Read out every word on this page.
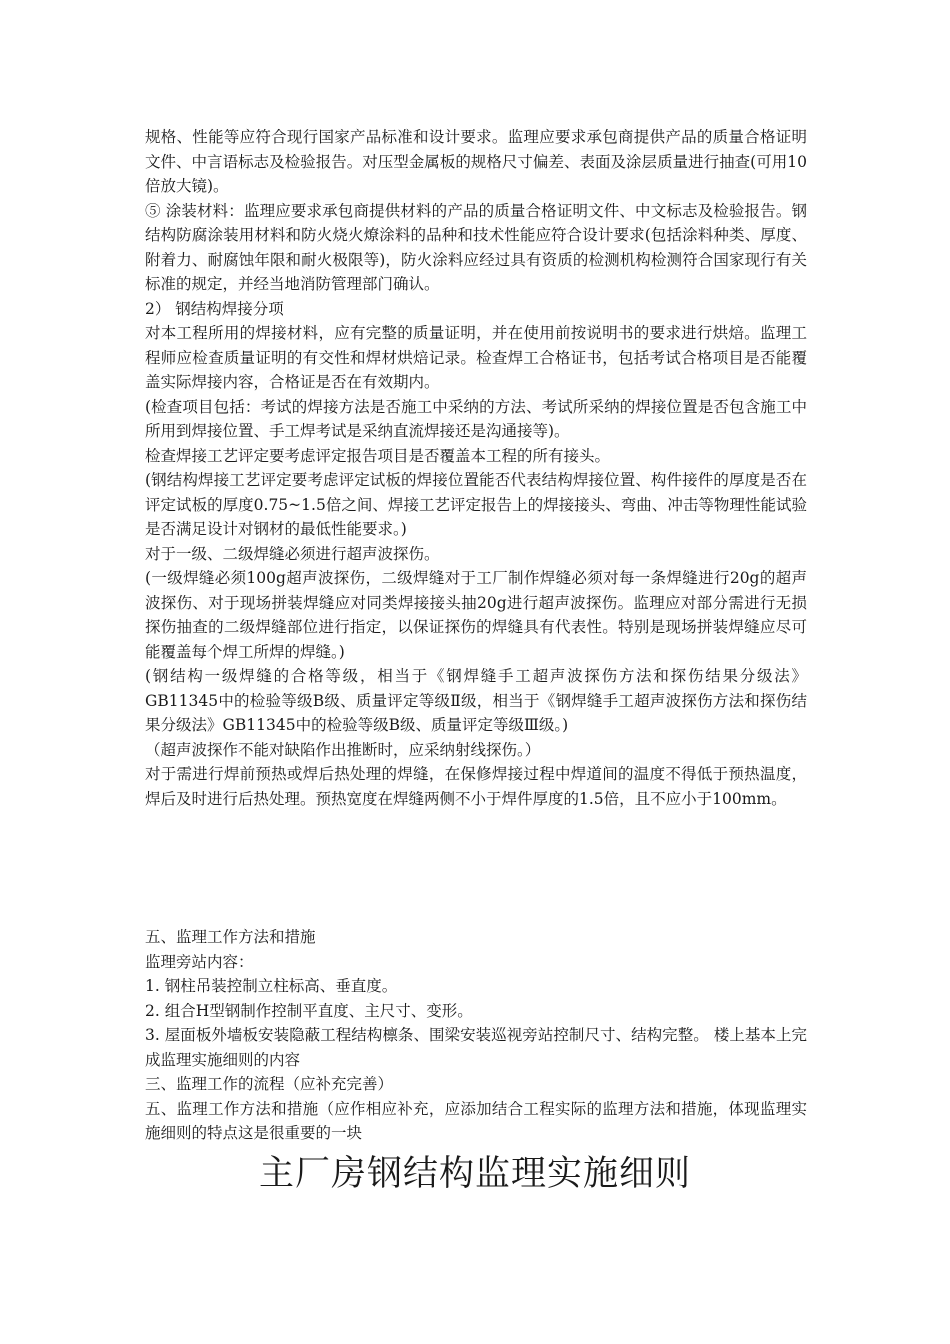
规格、性能等应符合现行国家产品标准和设计要求。监理应要求承包商提供产品的质量合格证明文件、中言语标志及检验报告。对压型金属板的规格尺寸偏差、表面及涂层质量进行抽查(可用10倍放大镜)。

⑤ 涂装材料：监理应要求承包商提供材料的产品的质量合格证明文件、中文标志及检验报告。钢结构防腐涂装用材料和防火烧火燎涂料的品种和技术性能应符合设计要求(包括涂料种类、厚度、附着力、耐腐蚀年限和耐火极限等)，防火涂料应经过具有资质的检测机构检测符合国家现行有关标准的规定，并经当地消防管理部门确认。

2） 钢结构焊接分项

对本工程所用的焊接材料，应有完整的质量证明，并在使用前按说明书的要求进行烘焙。监理工程师应检查质量证明的有交性和焊材烘焙记录。检查焊工合格证书，包括考试合格项目是否能覆盖实际焊接内容，合格证是否在有效期内。

(检查项目包括：考试的焊接方法是否施工中采纳的方法、考试所采纳的焊接位置是否包含施工中所用到焊接位置、手工焊考试是采纳直流焊接还是沟通接等)。

检查焊接工艺评定要考虑评定报告项目是否覆盖本工程的所有接头。

(钢结构焊接工艺评定要考虑评定试板的焊接位置能否代表结构焊接位置、构件接件的厚度是否在评定试板的厚度0.75~1.5倍之间、焊接工艺评定报告上的焊接接头、弯曲、冲击等物理性能试验是否满足设计对钢材的最低性能要求。)

对于一级、二级焊缝必须进行超声波探伤。

(一级焊缝必须100g超声波探伤，二级焊缝对于工厂制作焊缝必须对每一条焊缝进行20g的超声波探伤、对于现场拼装焊缝应对同类焊接接头抽20g进行超声波探伤。监理应对部分需进行无损探伤抽查的二级焊缝部位进行指定，以保证探伤的焊缝具有代表性。特别是现场拼装焊缝应尽可能覆盖每个焊工所焊的焊缝。)

(钢结构一级焊缝的合格等级，相当于《钢焊缝手工超声波探伤方法和探伤结果分级法》GB11345中的检验等级B级、质量评定等级Ⅱ级，相当于《钢焊缝手工超声波探伤方法和探伤结果分级法》GB11345中的检验等级B级、质量评定等级Ⅲ级。)

（超声波探作不能对缺陷作出推断时，应采纳射线探伤。）

对于需进行焊前预热或焊后热处理的焊缝，在保修焊接过程中焊道间的温度不得低于预热温度，焊后及时进行后热处理。预热宽度在焊缝两侧不小于焊件厚度的1.5倍，且不应小于100mm。

五、监理工作方法和措施

监理旁站内容：

1. 钢柱吊装控制立柱标高、垂直度。

2. 组合H型钢制作控制平直度、主尺寸、变形。

3. 屋面板外墙板安装隐蔽工程结构檩条、围梁安装巡视旁站控制尺寸、结构完整。 楼上基本上完成监理实施细则的内容

三、监理工作的流程（应补充完善）

五、监理工作方法和措施（应作相应补充，应添加结合工程实际的监理方法和措施，体现监理实施细则的特点这是很重要的一块

主厂房钢结构监理实施细则
